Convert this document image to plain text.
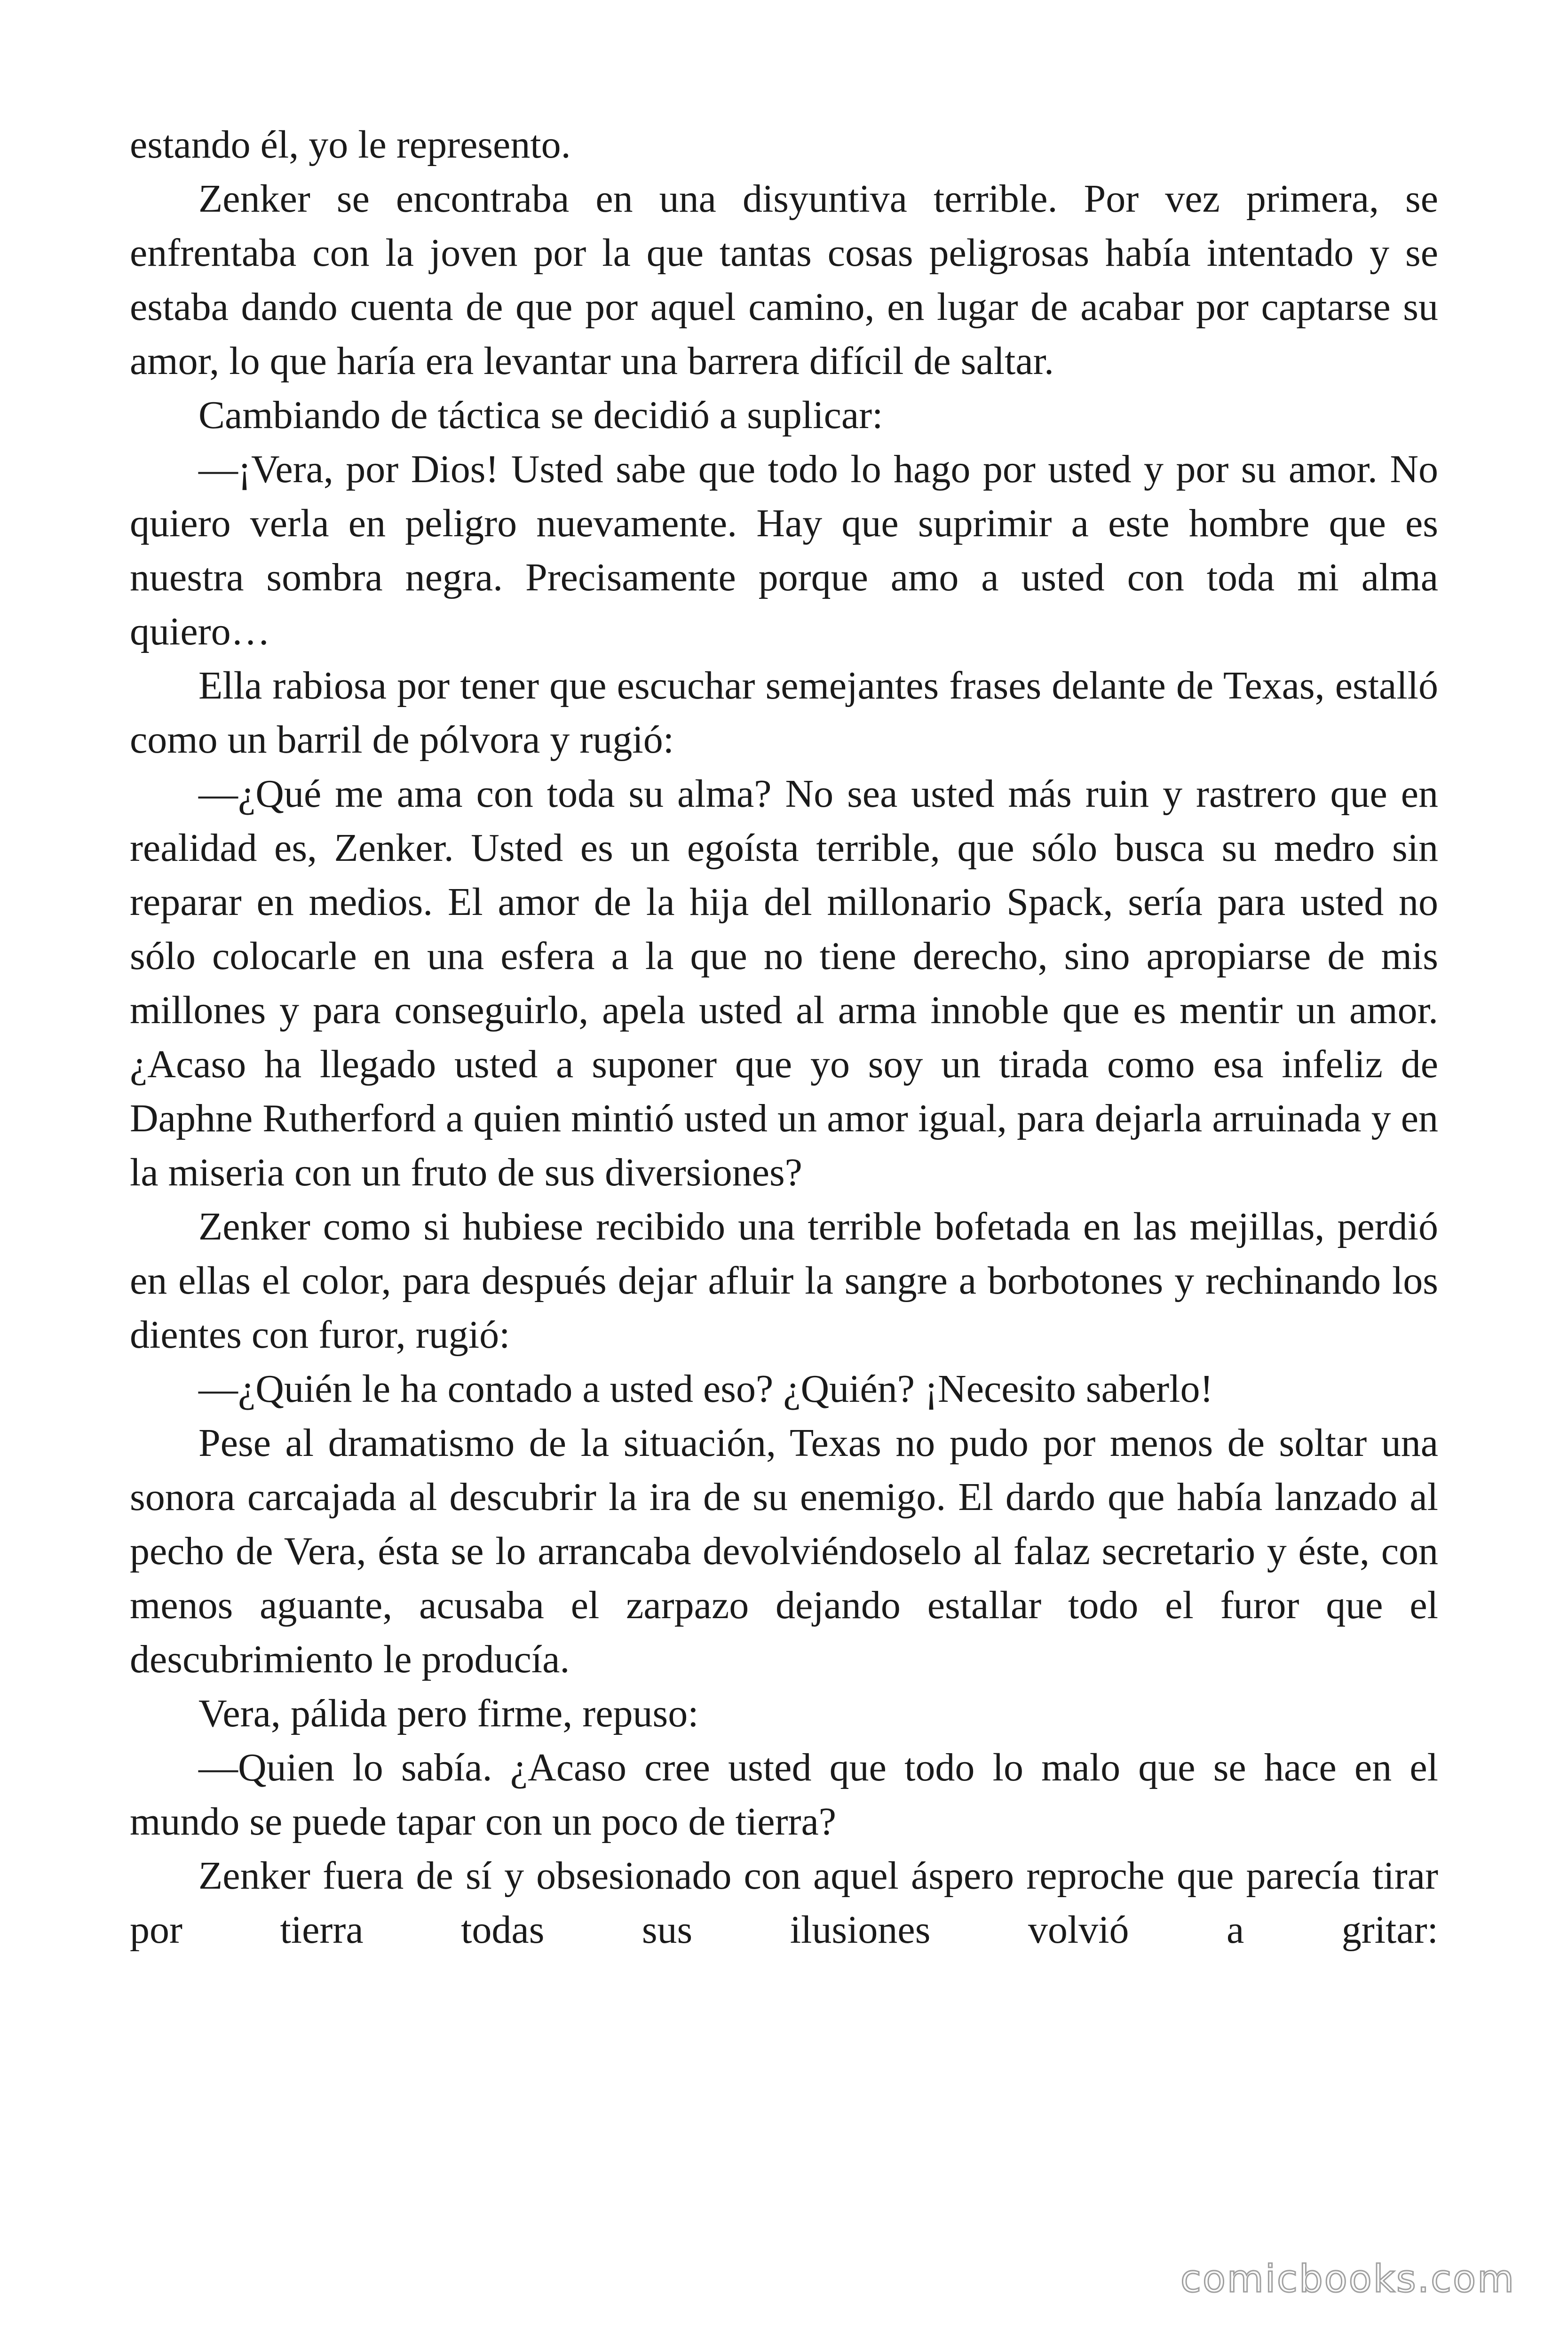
estando él, yo le represento.

Zenker se encontraba en una disyuntiva terrible. Por vez primera, se enfrentaba con la joven por la que tantas cosas peligrosas había intentado y se estaba dando cuenta de que por aquel camino, en lugar de acabar por captarse su amor, lo que haría era levantar una barrera difícil de saltar.

Cambiando de táctica se decidió a suplicar:

—¡Vera, por Dios! Usted sabe que todo lo hago por usted y por su amor. No quiero verla en peligro nuevamente. Hay que suprimir a este hombre que es nuestra sombra negra. Precisamente porque amo a usted con toda mi alma quiero…

Ella rabiosa por tener que escuchar semejantes frases delante de Texas, estalló como un barril de pólvora y rugió:

—¿Qué me ama con toda su alma? No sea usted más ruin y rastrero que en realidad es, Zenker. Usted es un egoísta terrible, que sólo busca su medro sin reparar en medios. El amor de la hija del millonario Spack, sería para usted no sólo colocarle en una esfera a la que no tiene derecho, sino apropiarse de mis millones y para conseguirlo, apela usted al arma innoble que es mentir un amor. ¿Acaso ha llegado usted a suponer que yo soy un tirada como esa infeliz de Daphne Rutherford a quien mintió usted un amor igual, para dejarla arruinada y en la miseria con un fruto de sus diversiones?

Zenker como si hubiese recibido una terrible bofetada en las mejillas, perdió en ellas el color, para después dejar afluir la sangre a borbotones y rechinando los dientes con furor, rugió:

—¿Quién le ha contado a usted eso? ¿Quién? ¡Necesito saberlo!

Pese al dramatismo de la situación, Texas no pudo por menos de soltar una sonora carcajada al descubrir la ira de su enemigo. El dardo que había lanzado al pecho de Vera, ésta se lo arrancaba devolviéndoselo al falaz secretario y éste, con menos aguante, acusaba el zarpazo dejando estallar todo el furor que el descubrimiento le producía.

Vera, pálida pero firme, repuso:

—Quien lo sabía. ¿Acaso cree usted que todo lo malo que se hace en el mundo se puede tapar con un poco de tierra?

Zenker fuera de sí y obsesionado con aquel áspero reproche que parecía tirar por tierra todas sus ilusiones volvió a gritar:

comicbooks.com
